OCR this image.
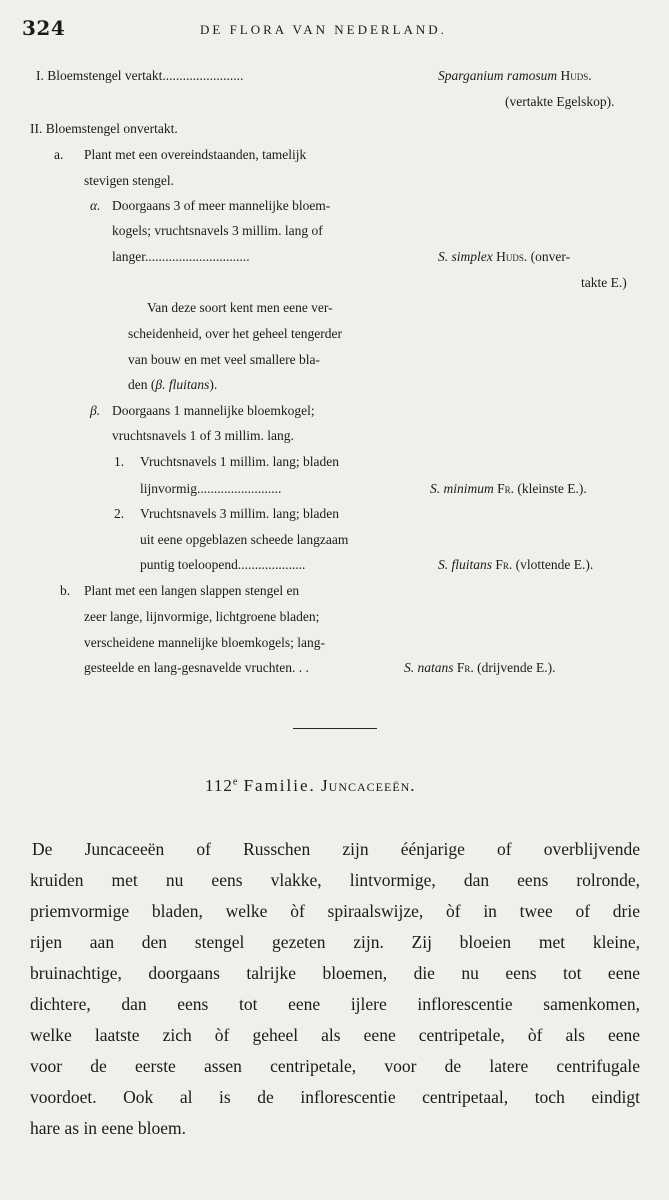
324	DE FLORA VAN NEDERLAND.
I. Bloemstengel vertakt........................	Sparganium ramosum Huds.
(vertakte Egelskop).
II. Bloemstengel onvertakt.
a. Plant met een overeindstaanden, tamelijk
stevigen stengel.
α. Doorgaans 3 of meer mannelijke bloem-
kogels; vruchtsnavels 3 millim. lang of
langer...............................	S. simplex Huds. (onver-
takte E.)
Van deze soort kent men eene ver-
scheidenheid, over het geheel tengerder
van bouw en met veel smallere bla-
den (β. fluitans).
β. Doorgaans 1 mannelijke bloemkogel;
vruchtsnavels 1 of 3 millim. lang.
1. Vruchtsnavels 1 millim. lang; bladen
lijnvormig.........................	S. minimum Fr. (kleinste E.).
2. Vruchtsnavels 3 millim. lang; bladen
uit eene opgeblazen scheede langzaam
puntig toeloopend....................	S. fluitans Fr. (vlottende E.).
b. Plant met een langen slappen stengel en
zeer lange, lijnvormige, lichtgroene bladen;
verscheidene mannelijke bloemkogels; lang-
gesteelde en lang-gesnavelde vruchten. . .	S. natans Fr. (drijvende E.).
112e Familie. Juncaceeën.
De Juncaceeën of Russchen zijn éénjarige of overblijvende
kruiden met nu eens vlakke, lintvormige, dan eens rolronde,
priemvormige bladen, welke òf spiraalswijze, òf in twee of drie
rijen aan den stengel gezeten zijn. Zij bloeien met kleine,
bruinachtige, doorgaans talrijke bloemen, die nu eens tot eene
dichtere, dan eens tot eene ijlere inflorescentie samenkomen,
welke laatste zich òf geheel als eene centripetale, òf als eene
voor de eerste assen centripetale, voor de latere centrifugale
voordoet. Ook al is de inflorescentie centripetaal, toch eindigt
hare as in eene bloem.
